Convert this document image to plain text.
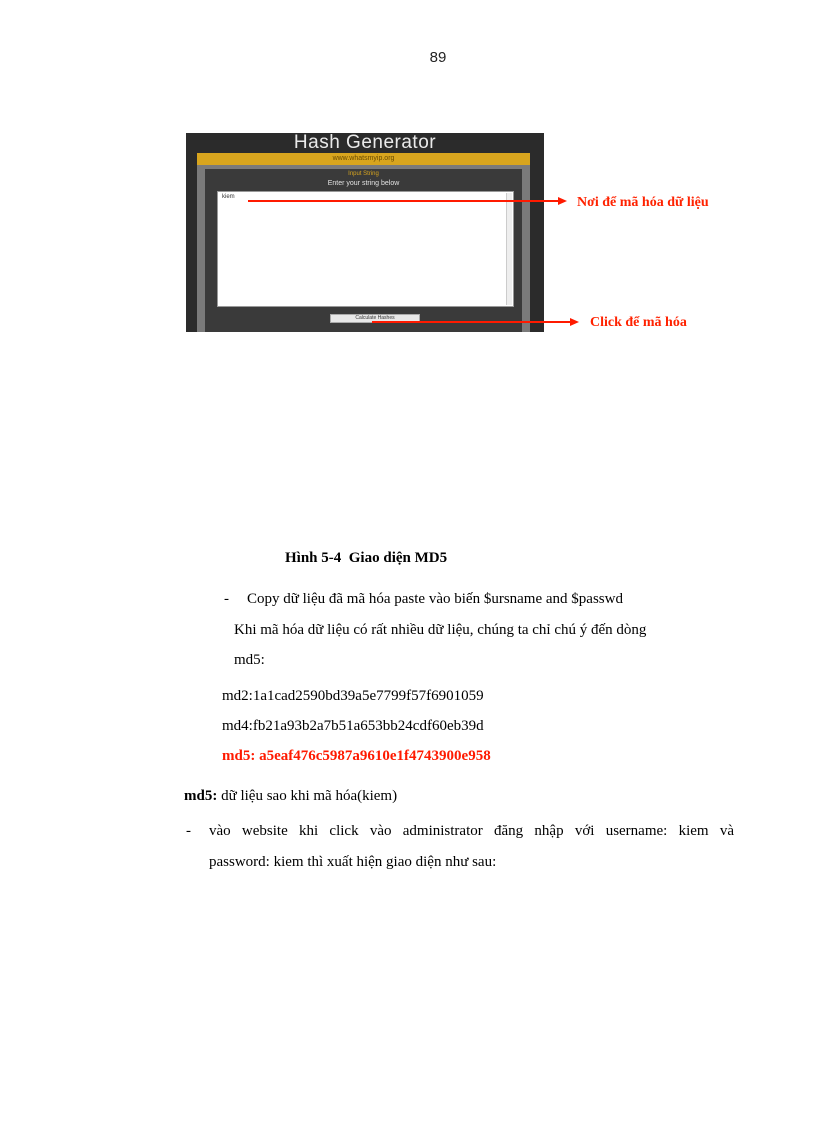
89
Hash Generator
www.whatsmyip.org
Input String
Enter your string below
kiem
Calculate Hashes
Nơi để mã hóa dữ liệu
Click để mã hóa
Hình 5-4  Giao diện MD5
- Copy dữ liệu đã mã hóa paste vào biến $ursname and $passwd
Khi mã hóa dữ liệu có rất nhiều dữ liệu, chúng ta chỉ chú ý đến dòng
md5:
md2:1a1cad2590bd39a5e7799f57f6901059
md4:fb21a93b2a7b51a653bb24cdf60eb39d
md5: a5eaf476c5987a9610e1f4743900e958
md5: dữ liệu sao khi mã hóa(kiem)
- vào website khi click vào administrator đăng nhập với username: kiem và
password: kiem thì xuất hiện giao diện như sau:
